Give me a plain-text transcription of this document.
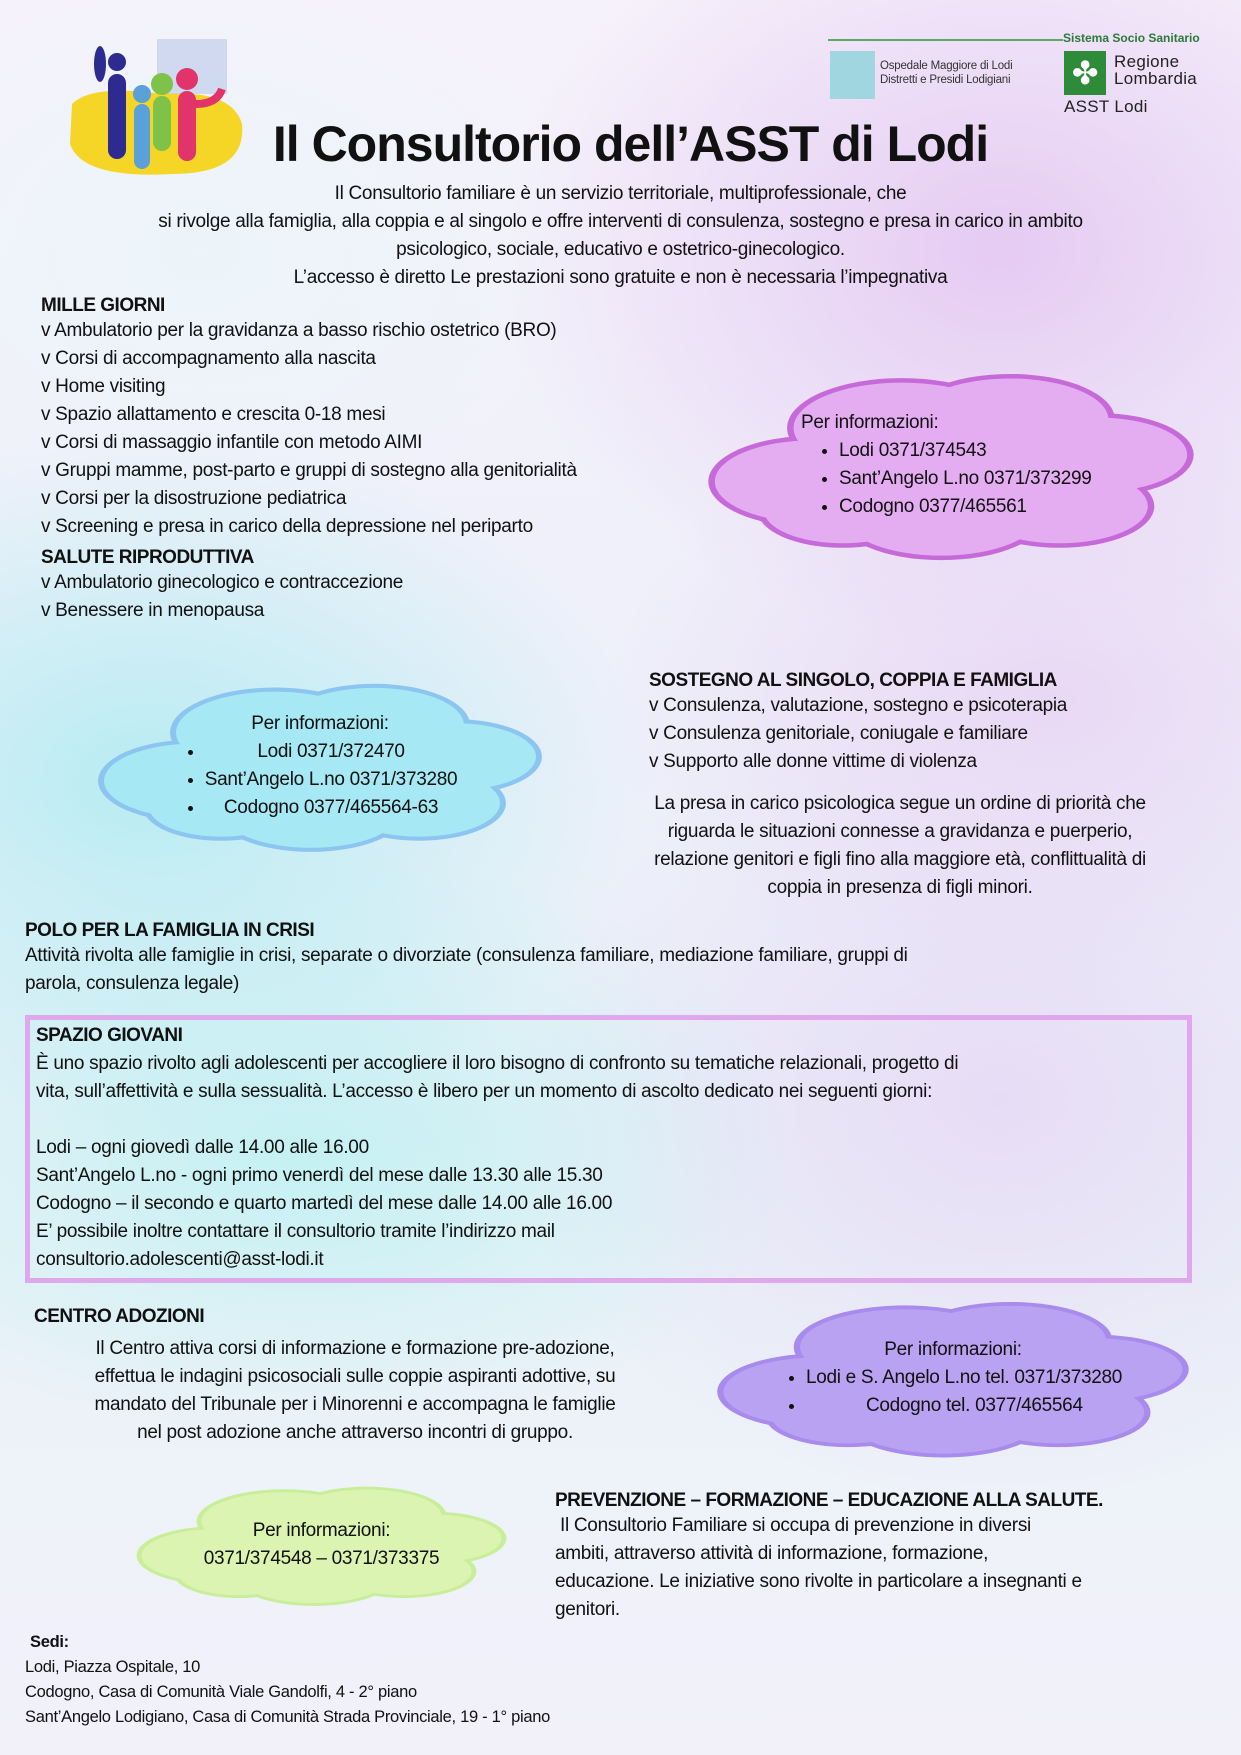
Sistema Socio Sanitario
Ospedale Maggiore di Lodi
Distretti e Presidi Lodigiani ✤ Regione
Lombardia
ASST Lodi
Il Consultorio dell’ASST di Lodi
Il Consultorio familiare è un servizio territoriale, multiprofessionale, che
si rivolge alla famiglia, alla coppia e al singolo e offre interventi di consulenza, sostegno e presa in carico in ambito
psicologico, sociale, educativo e ostetrico-ginecologico.
L’accesso è diretto Le prestazioni sono gratuite e non è necessaria l’impegnativa
MILLE GIORNI
v Ambulatorio per la gravidanza a basso rischio ostetrico (BRO)
v Corsi di accompagnamento alla nascita
v Home visiting
v Spazio allattamento e crescita 0-18 mesi
v Corsi di massaggio infantile con metodo AIMI
v Gruppi mamme, post-parto e gruppi di sostegno alla genitorialità
v Corsi per la disostruzione pediatrica
v Screening e presa in carico della depressione nel peripart​o
SALUTE RIPRODUTTIVA
v Ambulatorio ginecologico e contraccezione
v Benessere in menopausa
Per informazioni:
• Lodi 0371/374543
• Sant’Angelo L.no 0371/373299
• Codogno 0377/465561
Per informazioni:
• Lodi 0371/372470
• Sant’Angelo L.no 0371/373280
• Codogno 0377/465564-63
SOSTEGNO AL SINGOLO, COPPIA E FAMIGLIA
v Consulenza, valutazione, sostegno e psicoterapia
v Consulenza genitoriale, coniugale e familiare
v Supporto alle donne vittime di violenza
La presa in carico psicologica segue un ordine di priorità che
riguarda le situazioni connesse a gravidanza e puerperio,
relazione genitori e figli fino alla maggiore età, conflittualità di
coppia in presenza di figli minori.
POLO PER LA FAMIGLIA IN CRISI
Attività rivolta alle famiglie in crisi, separate o divorziate (consulenza familiare, mediazione familiare, gruppi di
parola, consulenza legale)
SPAZIO GIOVANI
È uno spazio rivolto agli adolescenti per accogliere il loro bisogno di confronto su tematiche relazionali, progetto di
vita, sull’affettività e sulla sessualità. L’accesso è libero per un momento di ascolto dedicato nei seguenti giorni:

Lodi – ogni giovedì dalle 14.00 alle 16.00
Sant’Angelo L.no - ogni primo venerdì del mese dalle 13.30 alle 15.30
Codogno – il secondo e quarto martedì del mese dalle 14.00 alle 16.00
E’ possibile inoltre contattare il consultorio tramite l’indirizzo mail
consultorio.adolescenti@asst-lodi.it
CENTRO ADOZIONI
Il Centro attiva corsi di informazione e formazione pre-adozione,
effettua le indagini psicosociali sulle coppie aspiranti adottive, su
mandato del Tribunale per i Minorenni e accompagna le famiglie
nel post adozione anche attraverso incontri di gruppo.
Per informazioni:
• Lodi e S. Angelo L.no tel. 0371/373280
• Codogno tel. 0377/465564
Per informazioni:
0371/374548 – 0371/373375
PREVENZIONE – FORMAZIONE – EDUCAZIONE ALLA SALUTE.
Il Consultorio Familiare si occupa di prevenzione in diversi
ambiti, attraverso attività di informazione, formazione,
educazione. Le iniziative sono rivolte in particolare a insegnanti e
genitori.
Sedi:
Lodi, Piazza Ospitale, 10
Codogno, Casa di Comunità Viale Gandolfi, 4 - 2° piano
Sant’Angelo Lodigiano, Casa di Comunità Strada Provinciale, 19 - 1° piano
